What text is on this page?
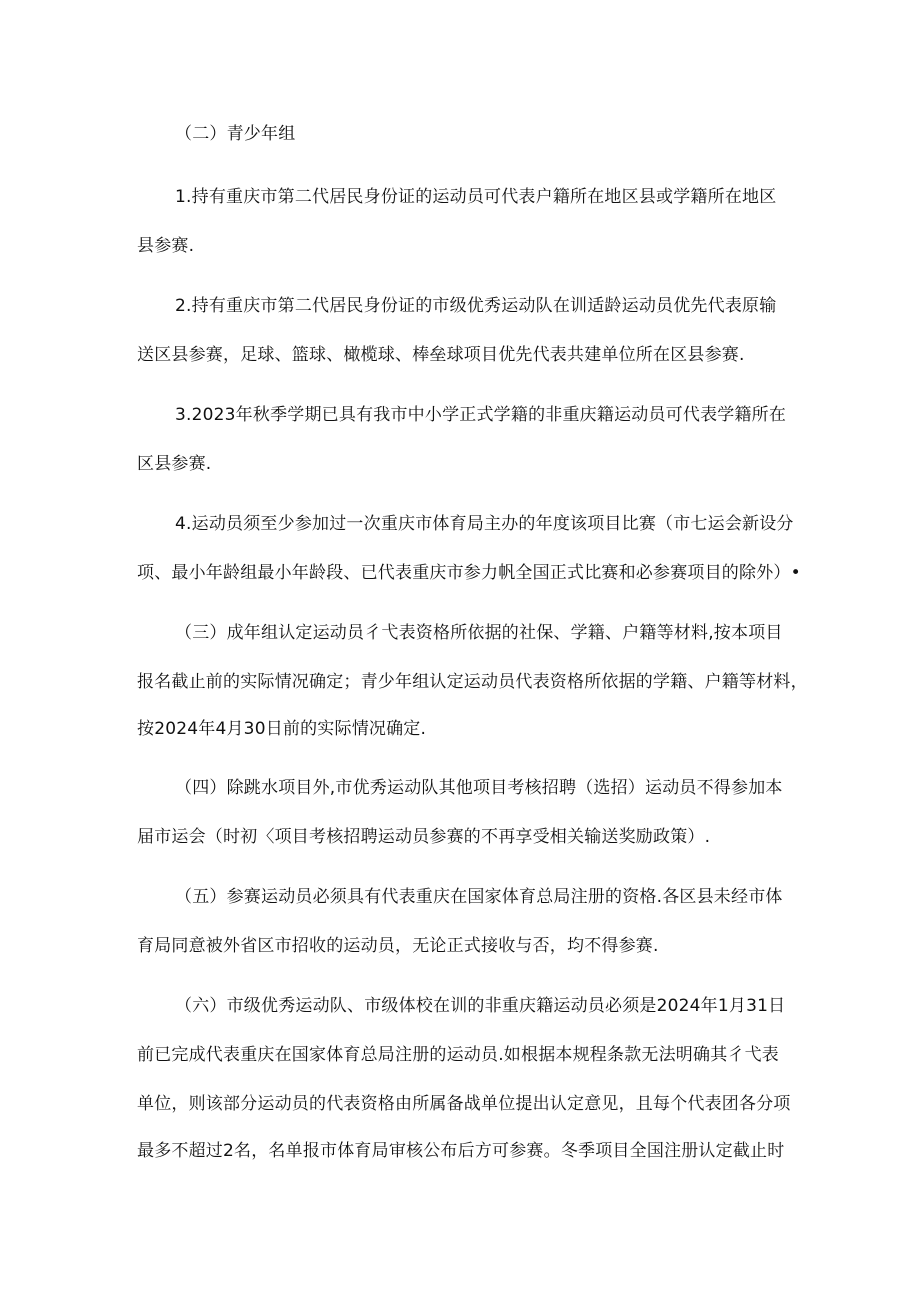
（二）青少年组
1.持有重庆市第二代居民身份证的运动员可代表户籍所在地区县或学籍所在地区
县参赛.
2.持有重庆市第二代居民身份证的市级优秀运动队在训适龄运动员优先代表原输
送区县参赛，足球、篮球、橄榄球、棒垒球项目优先代表共建单位所在区县参赛.
3.2023年秋季学期已具有我市中小学正式学籍的非重庆籍运动员可代表学籍所在
区县参赛.
4.运动员须至少参加过一次重庆市体育局主办的年度该项目比赛（市七运会新设分
项、最小年龄组最小年龄段、已代表重庆市参力帆全国正式比赛和必参赛项目的除外）•
（三）成年组认定运动员彳弋表资格所依据的社保、学籍、户籍等材料,按本项目
报名截止前的实际情况确定；青少年组认定运动员代表资格所依据的学籍、户籍等材料，
按2024年4月30日前的实际情况确定.
（四）除跳水项目外,市优秀运动队其他项目考核招聘（选招）运动员不得参加本
届市运会（时初〈项目考核招聘运动员参赛的不再享受相关输送奖励政策）.
（五）参赛运动员必须具有代表重庆在国家体育总局注册的资格.各区县未经市体
育局同意被外省区市招收的运动员，无论正式接收与否，均不得参赛.
（六）市级优秀运动队、市级体校在训的非重庆籍运动员必须是2024年1月31日
前已完成代表重庆在国家体育总局注册的运动员.如根据本规程条款无法明确其彳弋表
单位，则该部分运动员的代表资格由所属备战单位提出认定意见，且每个代表团各分项
最多不超过2名，名单报市体育局审核公布后方可参赛。冬季项目全国注册认定截止时
